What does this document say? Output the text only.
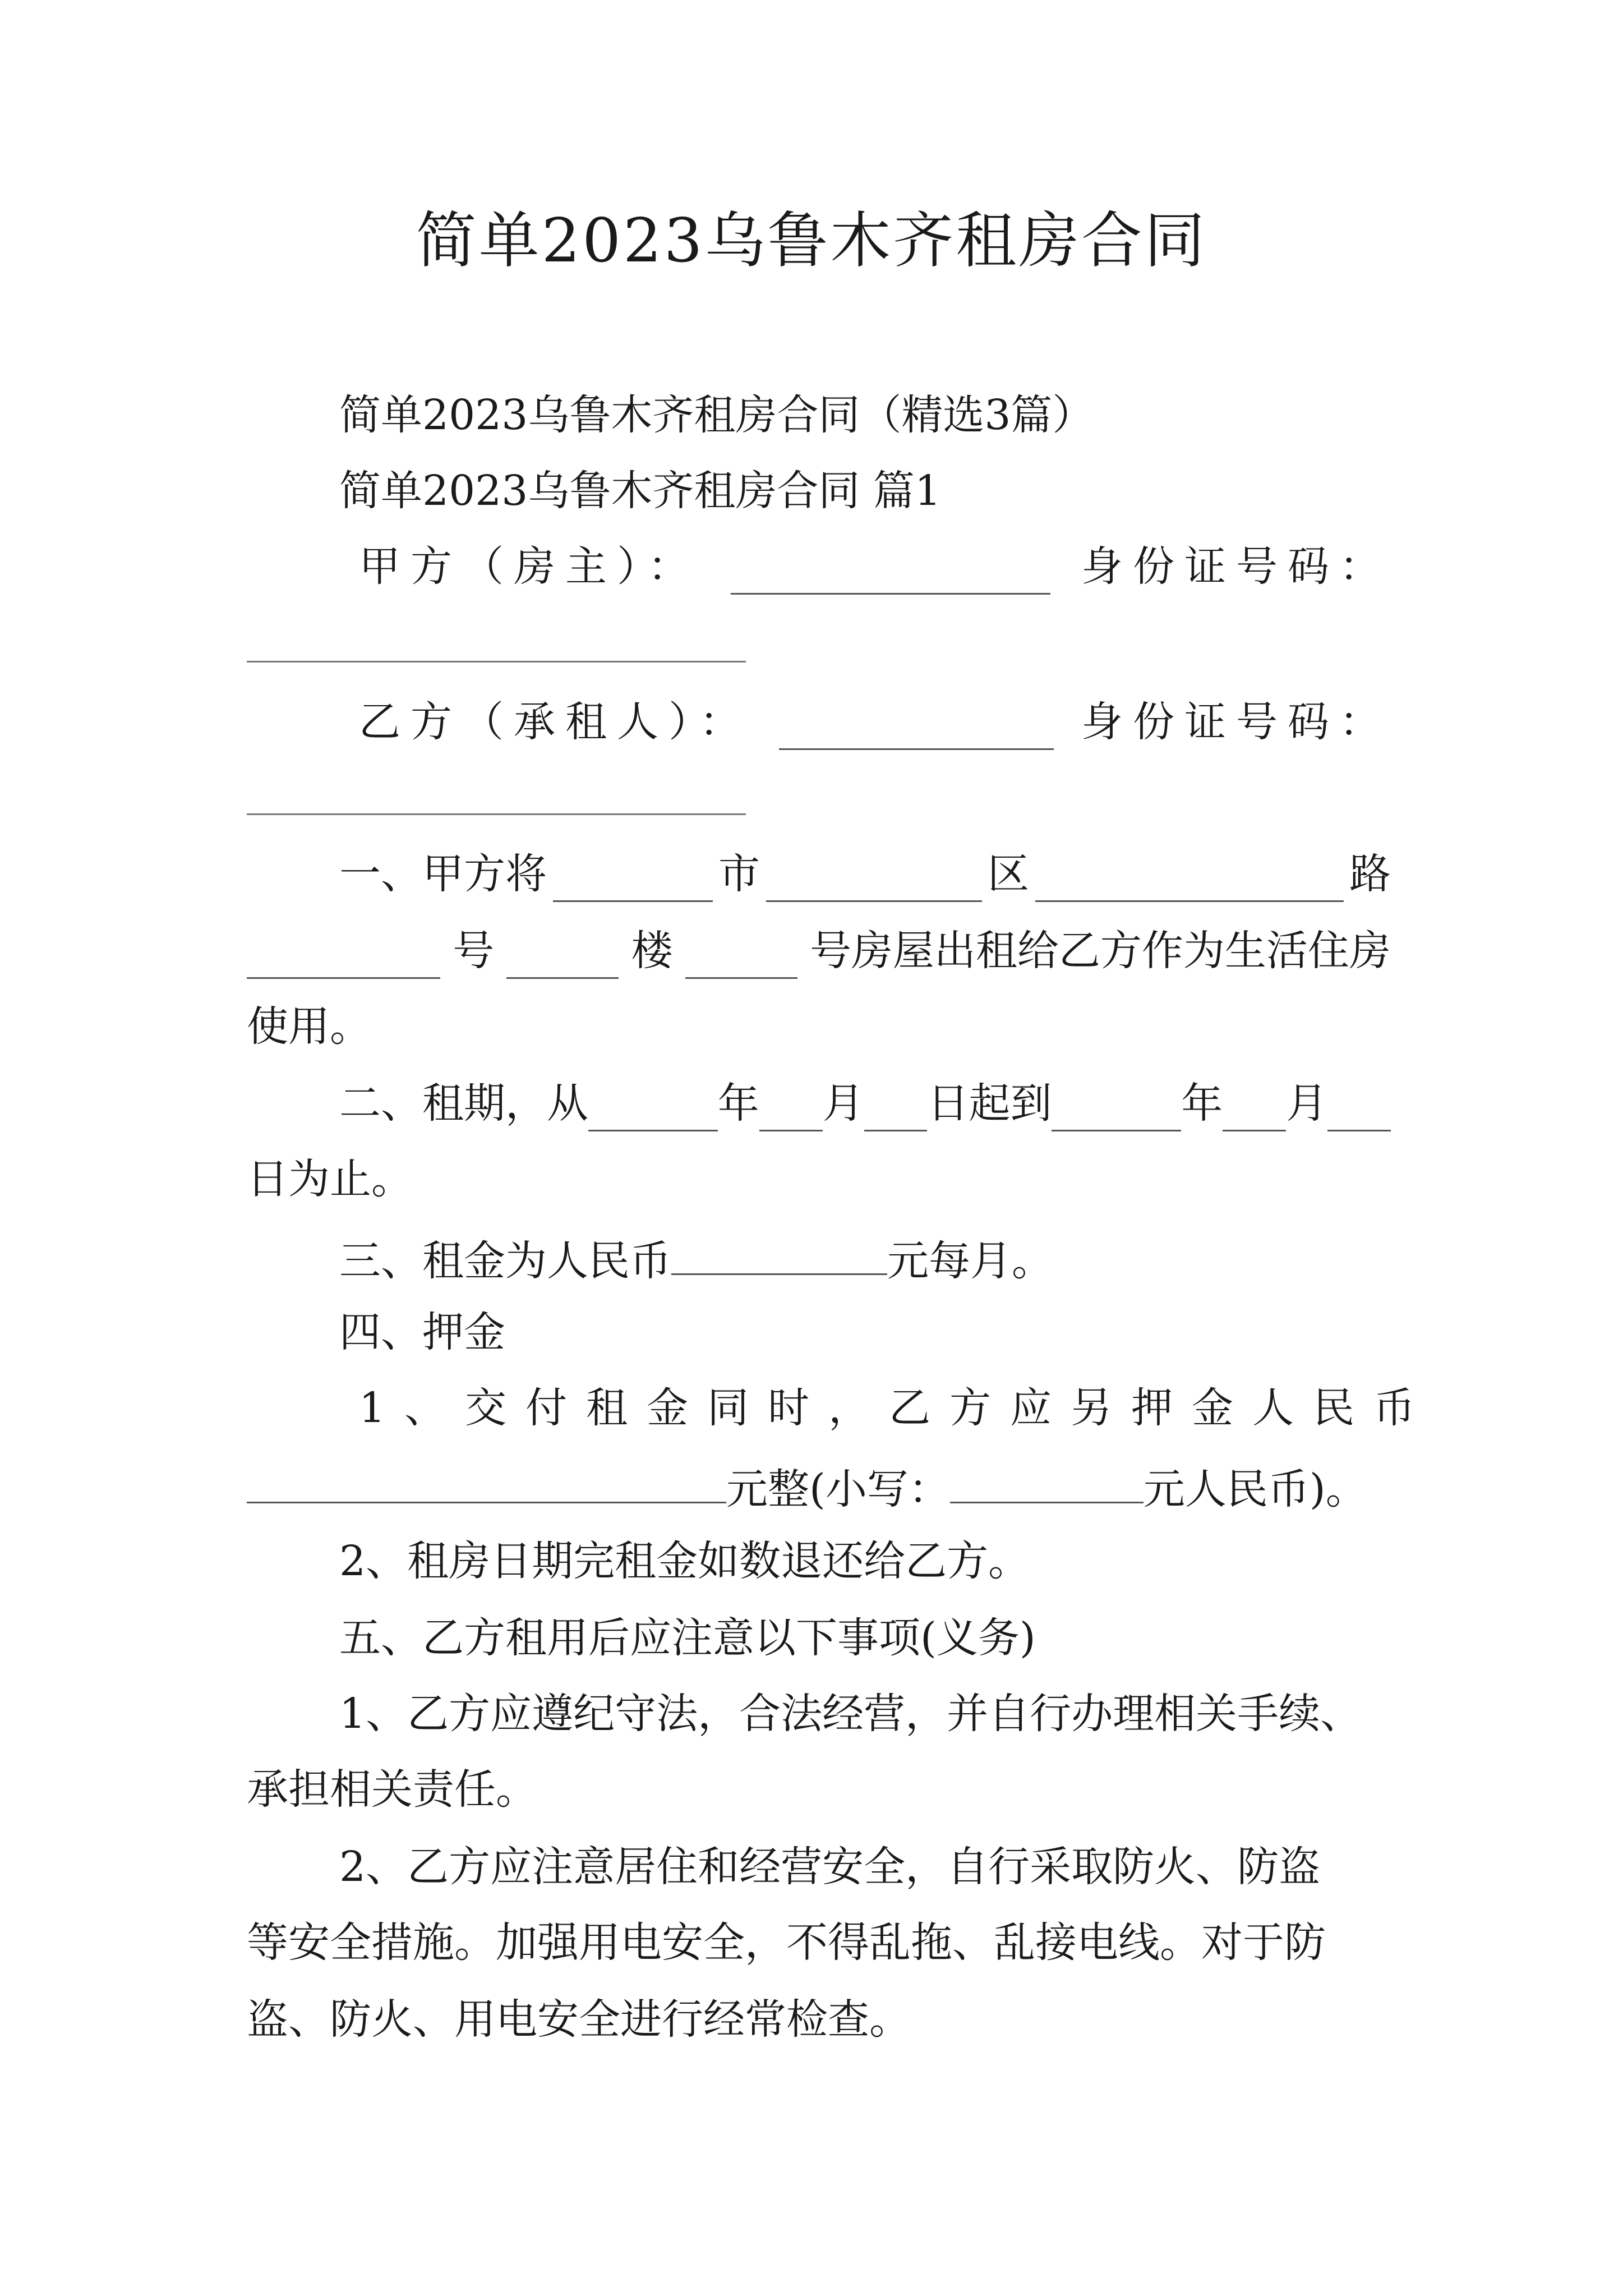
简单2023乌鲁木齐租房合同
简单2023乌鲁木齐租房合同（精选3篇）
简单2023乌鲁木齐租房合同 篇1
甲方（房主）：	身份证号码：
乙方（承租人）：	身份证号码：
一、甲方将	市	区	路
号	楼	号房屋出租给乙方作为生活住房
使用。
二、租期，从	年 月 日起到	年 月
日为止。
三、租金为人民币	元每月。
四、押金
1、交付租金同时，乙方应另押金人民币
元整(小写：	元人民币)。
2、租房日期完租金如数退还给乙方。
五、乙方租用后应注意以下事项(义务)
1、乙方应遵纪守法，合法经营，并自行办理相关手续、
承担相关责任。
2、乙方应注意居住和经营安全，自行采取防火、防盗
等安全措施。加强用电安全，不得乱拖、乱接电线。对于防
盗、防火、用电安全进行经常检查。
